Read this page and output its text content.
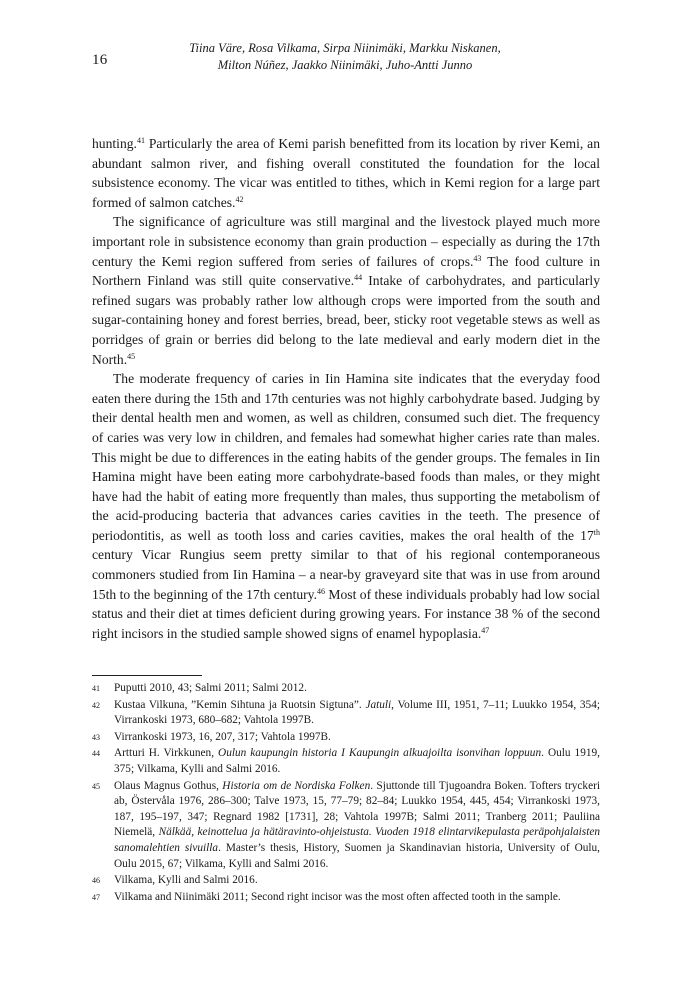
16
Tiina Väre, Rosa Vilkama, Sirpa Niinimäki, Markku Niskanen,
Milton Núñez, Jaakko Niinimäki, Juho-Antti Junno

hunting.$^{41}$ Particularly the area of Kemi parish benefitted from its location by river Kemi, an abundant salmon river, and fishing overall constituted the foundation for the local subsistence economy. The vicar was entitled to tithes, which in Kemi region for a large part formed of salmon catches.$^{42}$

The significance of agriculture was still marginal and the livestock played much more important role in subsistence economy than grain production – especially as during the 17th century the Kemi region suffered from series of failures of crops.$^{43}$ The food culture in Northern Finland was still quite conservative.$^{44}$ Intake of carbohydrates, and particularly refined sugars was probably rather low although crops were imported from the south and sugar-containing honey and forest berries, bread, beer, sticky root vegetable stews as well as porridges of grain or berries did belong to the late medieval and early modern diet in the North.$^{45}$

The moderate frequency of caries in Iin Hamina site indicates that the everyday food eaten there during the 15th and 17th centuries was not highly carbohydrate based. Judging by their dental health men and women, as well as children, consumed such diet. The frequency of caries was very low in children, and females had somewhat higher caries rate than males. This might be due to differences in the eating habits of the gender groups. The females in Iin Hamina might have been eating more carbohydrate-based foods than males, or they might have had the habit of eating more frequently than males, thus supporting the metabolism of the acid-producing bacteria that advances caries cavities in the teeth. The presence of periodontitis, as well as tooth loss and caries cavities, makes the oral health of the 17th century Vicar Rungius seem pretty similar to that of his regional contemporaneous commoners studied from Iin Hamina – a near-by graveyard site that was in use from around 15th to the beginning of the 17th century.$^{46}$ Most of these individuals probably had low social status and their diet at times deficient during growing years. For instance 38 % of the second right incisors in the studied sample showed signs of enamel hypoplasia.$^{47}$

41	Puputti 2010, 43; Salmi 2011; Salmi 2012.
42	Kustaa Vilkuna, ”Kemin Sihtuna ja Ruotsin Sigtuna”. Jatuli, Volume III, 1951, 7–11; Luukko 1954, 354; Virrankoski 1973, 680–682; Vahtola 1997B.
43	Virrankoski 1973, 16, 207, 317; Vahtola 1997B.
44	Artturi H. Virkkunen, Oulun kaupungin historia I Kaupungin alkuajoilta isonvihan loppuun. Oulu 1919, 375; Vilkama, Kylli and Salmi 2016.
45	Olaus Magnus Gothus, Historia om de Nordiska Folken. Sjuttonde till Tjugoandra Boken. Tofters tryckeri ab, Östervåla 1976, 286–300; Talve 1973, 15, 77–79; 82–84; Luukko 1954, 445, 454; Virrankoski 1973, 187, 195–197, 347; Regnard 1982 [1731], 28; Vahtola 1997B; Salmi 2011; Tranberg 2011; Pauliina Niemelä, Nälkää, keinottelua ja hätäravinto-ohjeistusta. Vuoden 1918 elintarvikepulasta peräpohjalaisten sanomalehtien sivuilla. Master’s thesis, History, Suomen ja Skandinavian historia, University of Oulu, Oulu 2015, 67; Vilkama, Kylli and Salmi 2016.
46	Vilkama, Kylli and Salmi 2016.
47	Vilkama and Niinimäki 2011; Second right incisor was the most often affected tooth in the sample.
